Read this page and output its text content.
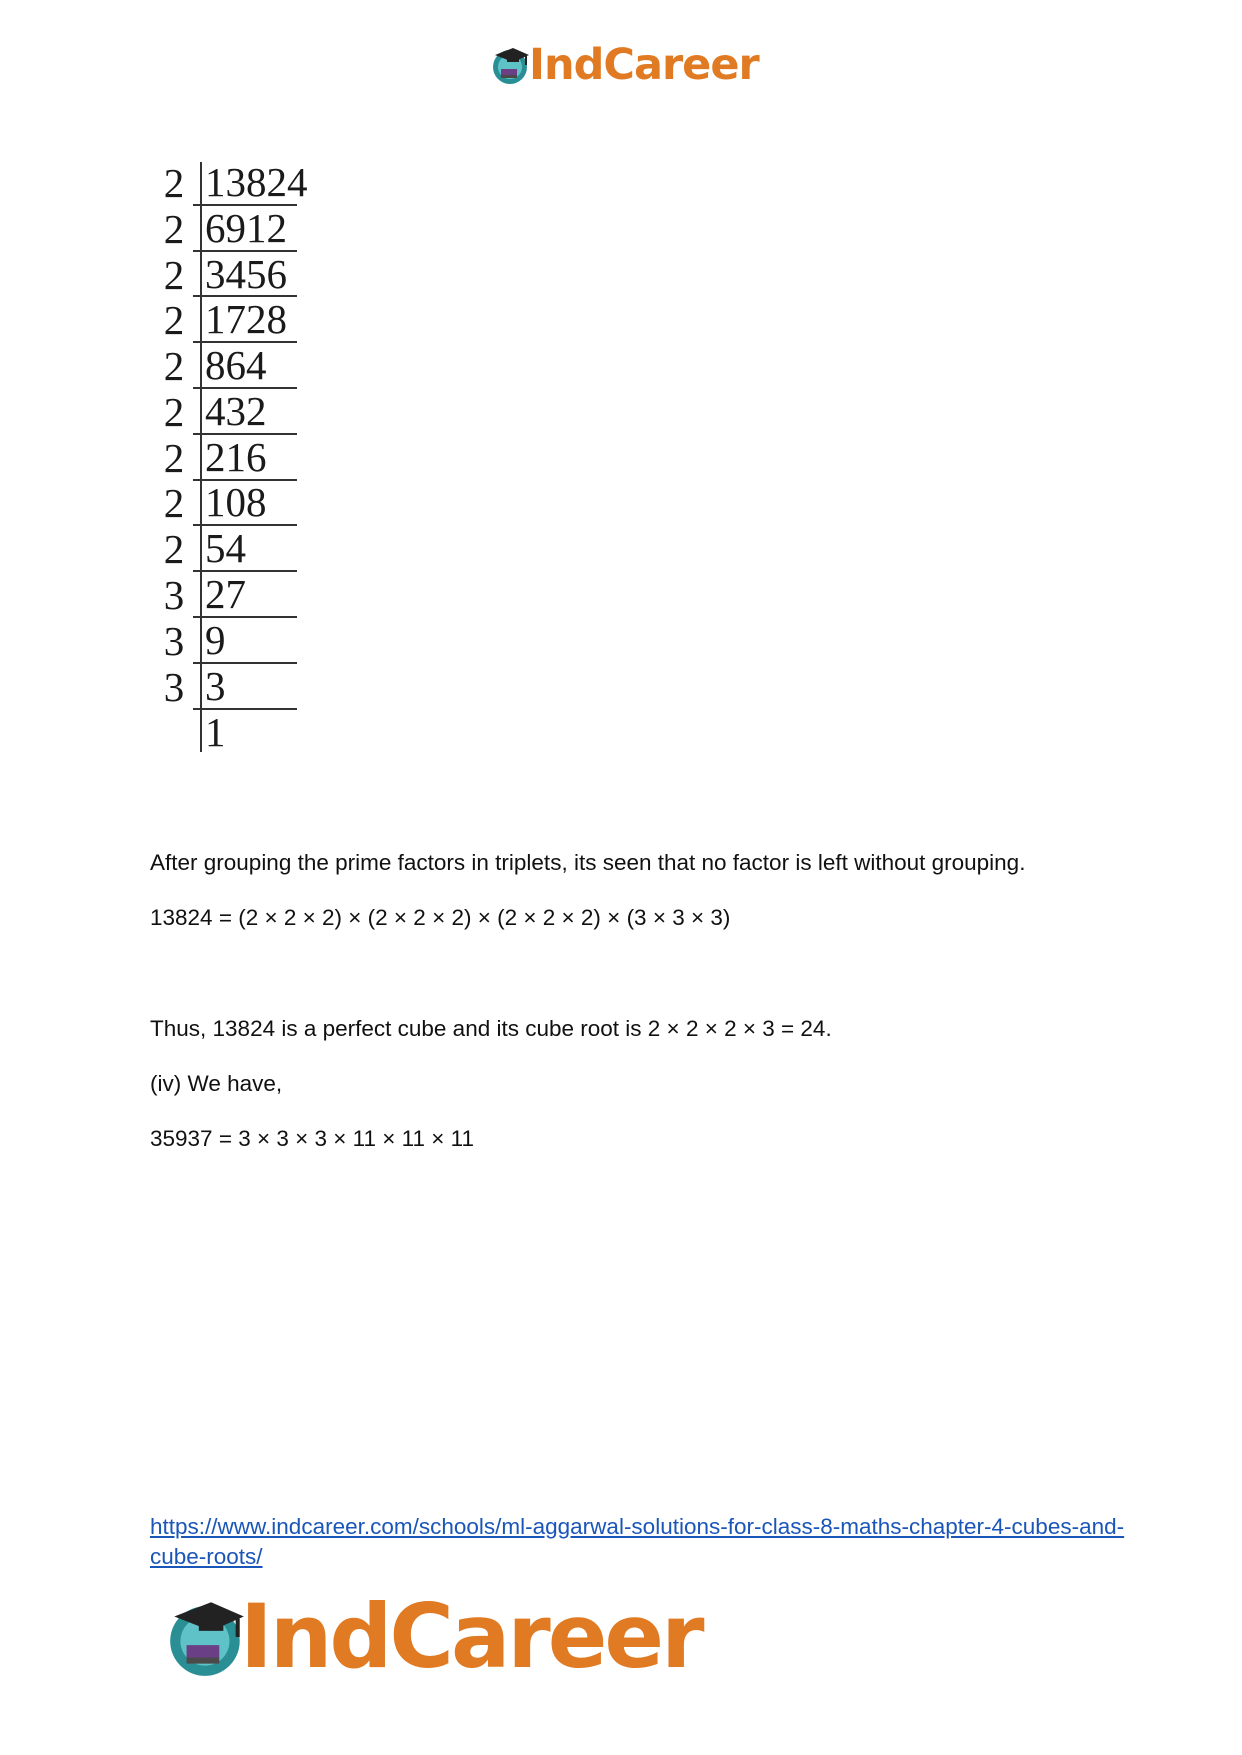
IndCareer
2 13824
2 6912
2 3456
2 1728
2 864
2 432
2 216
2 108
2 54
3 27
3 9
3 3
1
After grouping the prime factors in triplets, its seen that no factor is left without grouping.
13824 = (2 × 2 × 2) × (2 × 2 × 2) × (2 × 2 × 2) × (3 × 3 × 3)
Thus, 13824 is a perfect cube and its cube root is 2 × 2 × 2 × 3 = 24.
(iv) We have,
35937 = 3 × 3 × 3 × 11 × 11 × 11
https://www.indcareer.com/schools/ml-aggarwal-solutions-for-class-8-maths-chapter-4-cubes-and-cube-roots/
IndCareer
